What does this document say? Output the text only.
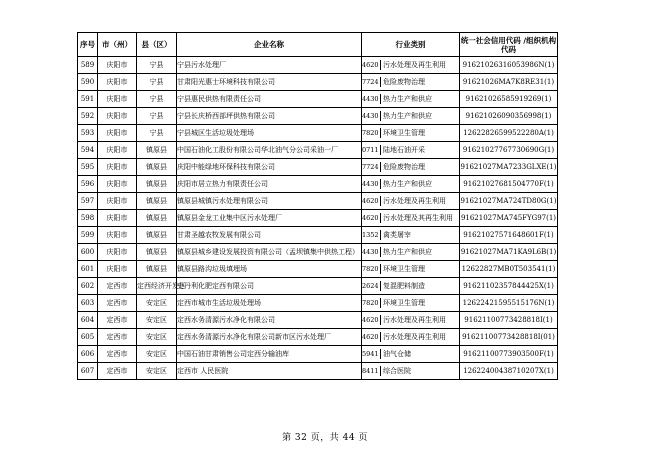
序号	市（州）	县（区）	企业名称	行业类别	统一社会信用代码 /组织机构代码
589	庆阳市	宁县	宁县污水处理厂	4620 污水处理及再生利用	91621026316053986N(1)
590	庆阳市	宁县	甘肃阳光惠士环境科技有限公司	7724 危险废物治理	91621026MA7K8RE31(1)
591	庆阳市	宁县	宁县惠民供热有限责任公司	4430 热力生产和供应	91621026585919269(1)
592	庆阳市	宁县	宁县长庆桥西部坪供热有限公司	4430 热力生产和供应	91621026090356998(1)
593	庆阳市	宁县	宁县城区生活垃圾处理场	7820 环境卫生管理	12622826599522280A(1)
594	庆阳市	镇原县	中国石油化工股份有限公司华北油气分公司采油一厂	0711 陆地石油开采	91621027767730690G(1)
595	庆阳市	镇原县	庆阳中能绿地环保科技有限公司	7724 危险废物治理	91621027MA7233GLXE(1)
596	庆阳市	镇原县	庆阳市居立热力有限责任公司	4430 热力生产和供应	91621027681504770F(1)
597	庆阳市	镇原县	镇原县城镇污水处理有限公司	4620 污水处理及再生利用	91621027MA724TD80G(1)
598	庆阳市	镇原县	镇原县金龙工业集中区污水处理厂	4620 污水处理及其再生利用	91621027MA745FYG97(1)
599	庆阳市	镇原县	甘肃圣越农牧发展有限公司	1352 禽类屠宰	91621027571648601F(1)
600	庆阳市	镇原县	镇原县城乡建设发展投资有限公司（孟坝镇集中供热工程）	4430 热力生产和供应	91621027MA71KA9L6B(1)
601	庆阳市	镇原县	镇原县路沟垃圾填埋场	7820 环境卫生管理	12622827MB0T503541(1)
602	定西市	定西经济开发区	史丹利化肥定西有限公司	2624 复混肥料制造	91621102357844425X(1)
603	定西市	安定区	定西市城市生活垃圾处理场	7820 环境卫生管理	12622421595515176N(1)
604	定西市	安定区	定西水务清源污水净化有限公司	4620 污水处理及再生利用	91621100773428818I(1)
605	定西市	安定区	定西水务清源污水净化有限公司新市区污水处理厂	4620 污水处理及再生利用	91621100773428818I(01)
606	定西市	安定区	中国石油甘肃销售公司定西分输油库	5941 油气仓储	91621100773903500F(1)
607	定西市	安定区	定西市 人民医院	8411 综合医院	12622400438710207X(1)
第 32 页，共 44 页
